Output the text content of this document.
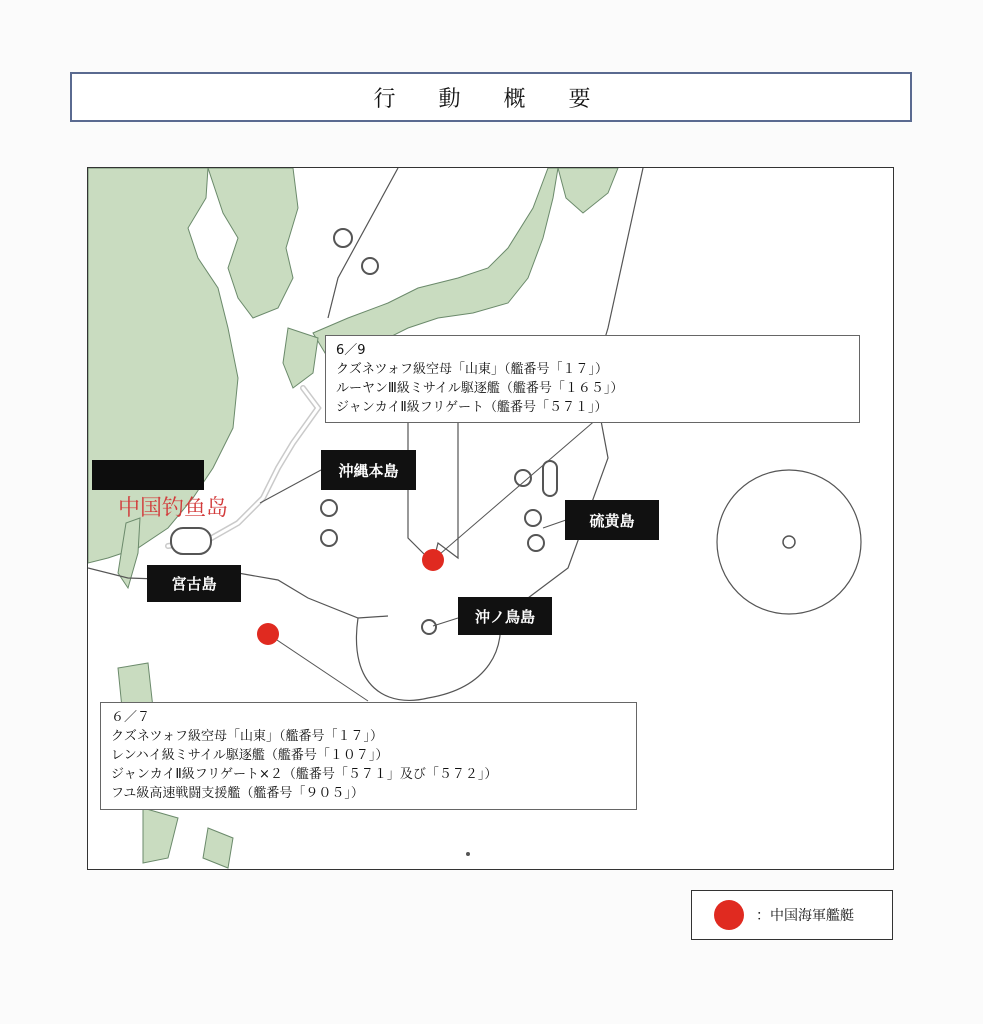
行 動 概 要
6／9
クズネツォフ級空母「山東」（艦番号「１７」）
ルーヤンⅢ級ミサイル駆逐艦（艦番号「１６５」）
ジャンカイⅡ級フリゲート（艦番号「５７１」）
６／７
クズネツォフ級空母「山東」（艦番号「１７」）
レンハイ級ミサイル駆逐艦（艦番号「１０７」）
ジャンカイⅡ級フリゲート×２（艦番号「５７１」及び「５７２」）
フユ級高速戦闘支援艦（艦番号「９０５」）
沖縄本島
硫黄島
宮古島
沖ノ鳥島
中国钓鱼岛
：中国海軍艦艇
